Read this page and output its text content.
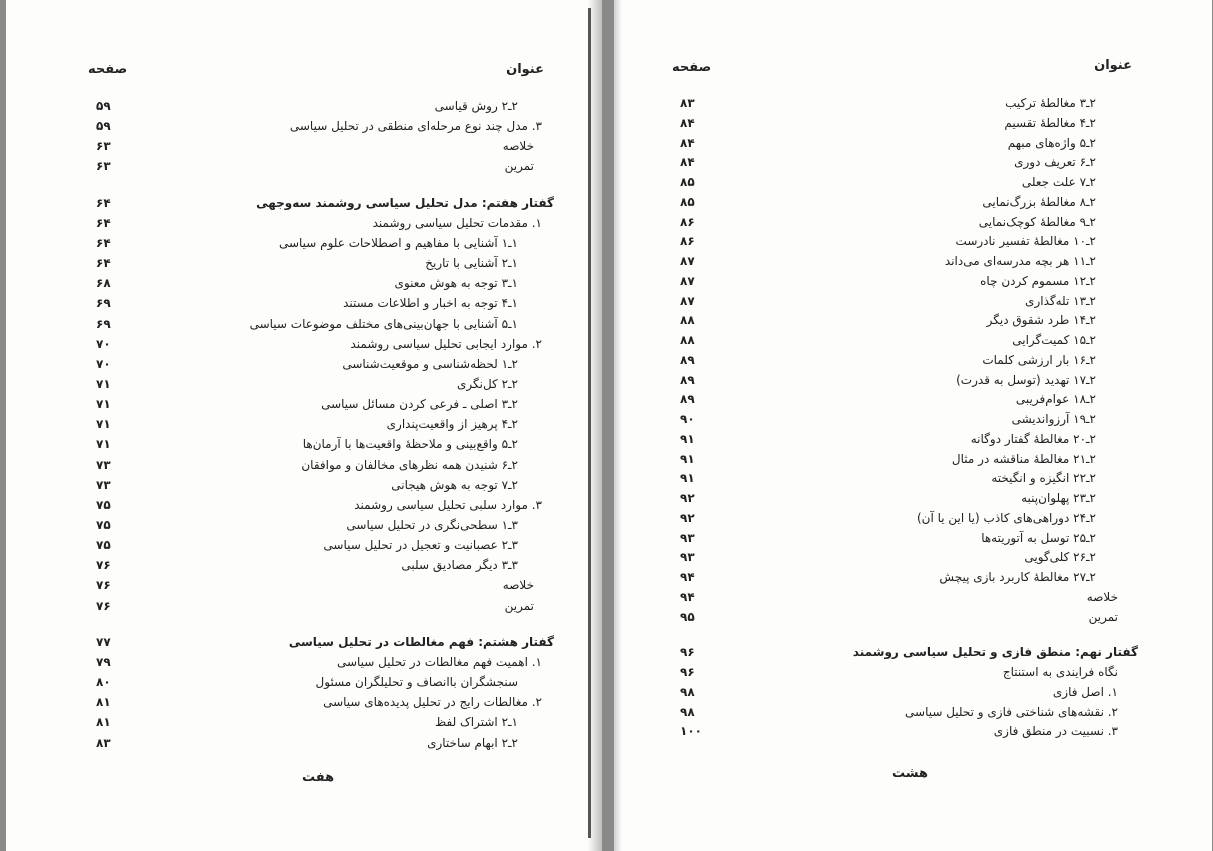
عنوان
صفحه
۲ـ۲ روش قیاسی
۵۹
۳. مدل چند نوع مرحله‌ای منطقی در تحلیل سیاسی
۵۹
خلاصه
۶۳
تمرین
۶۳
گفتار هفتم: مدل تحلیل سیاسی روشمند سه‌وجهی
۶۴
۱. مقدمات تحلیل سیاسی روشمند
۶۴
۱ـ۱ آشنایی با مفاهیم و اصطلاحات علوم سیاسی
۶۴
۱ـ۲ آشنایی با تاریخ
۶۴
۱ـ۳ توجه به هوش معنوی
۶۸
۱ـ۴ توجه به اخبار و اطلاعات مستند
۶۹
۱ـ۵ آشنایی با جهان‌بینی‌های مختلف موضوعات سیاسی
۶۹
۲. موارد ایجابی تحلیل سیاسی روشمند
۷۰
۲ـ۱ لحظه‌شناسی و موقعیت‌شناسی
۷۰
۲ـ۲ کل‌نگری
۷۱
۲ـ۳ اصلی ـ فرعی کردن مسائل سیاسی
۷۱
۲ـ۴ پرهیز از واقعیت‌پنداری
۷۱
۲ـ۵ واقع‌بینی و ملاحظهٔ واقعیت‌ها با آرمان‌ها
۷۱
۲ـ۶ شنیدن همه نظرهای مخالفان و موافقان
۷۳
۲ـ۷ توجه به هوش هیجانی
۷۳
۳. موارد سلبی تحلیل سیاسی روشمند
۷۵
۳ـ۱ سطحی‌نگری در تحلیل سیاسی
۷۵
۳ـ۲ عصبانیت و تعجیل در تحلیل سیاسی
۷۵
۳ـ۳ دیگر مصادیق سلبی
۷۶
خلاصه
۷۶
تمرین
۷۶
گفتار هشتم: فهم مغالطات در تحلیل سیاسی
۷۷
۱. اهمیت فهم مغالطات در تحلیل سیاسی
۷۹
سنجشگران باانصاف و تحلیلگران مسئول
۸۰
۲. مغالطات رایج در تحلیل پدیده‌های سیاسی
۸۱
۱ـ۲ اشتراک لفظ
۸۱
۲ـ۲ ابهام ساختاری
۸۳
هفت
عنوان
صفحه
۲ـ۳ مغالطهٔ ترکیب
۸۳
۲ـ۴ مغالطهٔ تقسیم
۸۴
۲ـ۵ واژه‌های مبهم
۸۴
۲ـ۶ تعریف دوری
۸۴
۲ـ۷ علت جعلی
۸۵
۲ـ۸ مغالطهٔ بزرگ‌نمایی
۸۵
۲ـ۹ مغالطهٔ کوچک‌نمایی
۸۶
۲ـ۱۰ مغالطهٔ تفسیر نادرست
۸۶
۲ـ۱۱ هر بچه مدرسه‌ای می‌داند
۸۷
۲ـ۱۲ مسموم کردن چاه
۸۷
۲ـ۱۳ تله‌گذاری
۸۷
۲ـ۱۴ طرد شقوق دیگر
۸۸
۲ـ۱۵ کمیت‌گرایی
۸۸
۲ـ۱۶ بار ارزشی کلمات
۸۹
۲ـ۱۷ تهدید (توسل به قدرت)
۸۹
۲ـ۱۸ عوام‌فریبی
۸۹
۲ـ۱۹ آرزواندیشی
۹۰
۲ـ۲۰ مغالطهٔ گفتار دوگانه
۹۱
۲ـ۲۱ مغالطهٔ مناقشه در مثال
۹۱
۲ـ۲۲ انگیزه و انگیخته
۹۱
۲ـ۲۳ پهلوان‌پنبه
۹۲
۲ـ۲۴ دوراهی‌های کاذب (یا این یا آن)
۹۲
۲ـ۲۵ توسل به آتوریته‌ها
۹۳
۲ـ۲۶ کلی‌گویی
۹۳
۲ـ۲۷ مغالطهٔ کاربرد بازی پیچش
۹۴
خلاصه
۹۴
تمرین
۹۵
گفتار نهم: منطق فازی و تحلیل سیاسی روشمند
۹۶
نگاه فرایندی به استنتاج
۹۶
۱. اصل فازی
۹۸
۲. نقشه‌های شناختی فازی و تحلیل سیاسی
۹۸
۳. نسبیت در منطق فازی
۱۰۰
هشت
